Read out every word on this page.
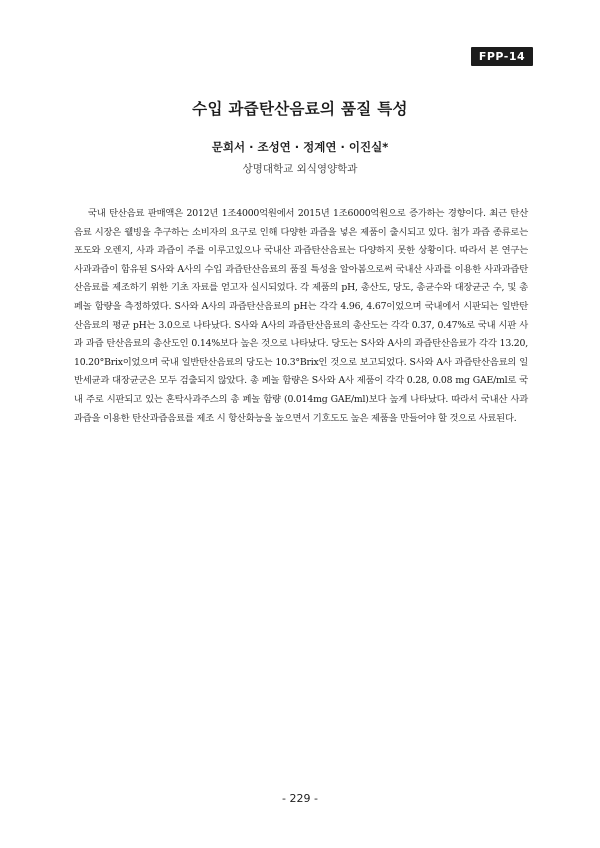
FPP-14
수입 과즙탄산음료의 품질 특성
문희서 · 조성연 · 정계연 · 이진실*
상명대학교 외식영양학과

국내 탄산음료 판매액은 2012년 1조4000억원에서 2015년 1조6000억원으로 증가하는 경향이다. 최근 탄산음료 시장은 웰빙을 추구하는 소비자의 요구로 인해 다양한 과즙을 넣은 제품이 출시되고 있다. 첨가 과즙 종류로는 포도와 오렌지, 사과 과즙이 주를 이루고있으나 국내산 과즙탄산음료는 다양하지 못한 상황이다. 따라서 본 연구는 사과과즙이 함유된 S사와 A사의 수입 과즙탄산음료의 품질 특성을 알아봄으로써 국내산 사과를 이용한 사과과즙탄산음료를 제조하기 위한 기초 자료를 얻고자 실시되었다. 각 제품의 pH, 총산도, 당도, 총균수와 대장균군 수, 및 총 페놀 함량을 측정하였다. S사와 A사의 과즙탄산음료의 pH는 각각 4.96, 4.67이었으며 국내에서 시판되는 일반탄산음료의 평균 pH는 3.0으로 나타났다. S사와 A사의 과즙탄산음료의 총산도는 각각 0.37, 0.47%로 국내 시판 사과 과즙 탄산음료의 총산도인 0.14%보다 높은 것으로 나타났다. 당도는 S사와 A사의 과즙탄산음료가 각각 13.20, 10.20°Brix이었으며 국내 일반탄산음료의 당도는 10.3°Brix인 것으로 보고되었다. S사와 A사 과즙탄산음료의 일반세균과 대장균군은 모두 검출되지 않았다. 총 페놀 함량은 S사와 A사 제품이 각각 0.28, 0.08 mg GAE/ml로 국내 주로 시판되고 있는 혼탁사과주스의 총 페놀 함량 (0.014mg GAE/ml)보다 높게 나타났다. 따라서 국내산 사과 과즙을 이용한 탄산과즙음료를 제조 시 항산화능을 높으면서 기호도도 높은 제품을 만들어야 할 것으로 사료된다.

- 229 -
